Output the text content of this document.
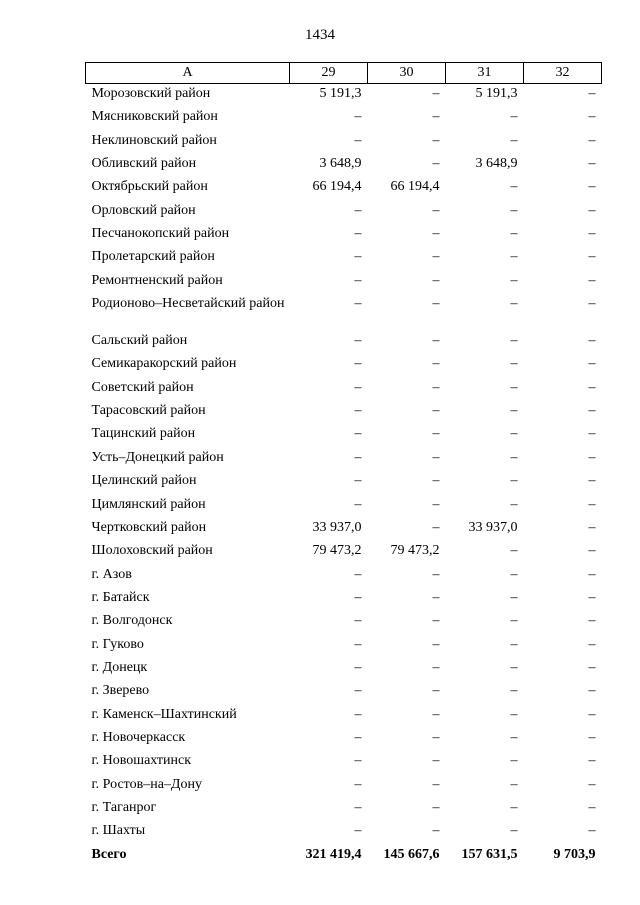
1434
А	29	30	31	32
Морозовский район	5 191,3	–	5 191,3	–
Мясниковский район	–	–	–	–
Неклиновский район	–	–	–	–
Обливский район	3 648,9	–	3 648,9	–
Октябрьский район	66 194,4	66 194,4	–	–
Орловский район	–	–	–	–
Песчанокопский район	–	–	–	–
Пролетарский район	–	–	–	–
Ремонтненский район	–	–	–	–
Родионово–Несветайский район	–	–	–	–
Сальский район	–	–	–	–
Семикаракорский район	–	–	–	–
Советский район	–	–	–	–
Тарасовский район	–	–	–	–
Тацинский район	–	–	–	–
Усть–Донецкий район	–	–	–	–
Целинский район	–	–	–	–
Цимлянский район	–	–	–	–
Чертковский район	33 937,0	–	33 937,0	–
Шолоховский район	79 473,2	79 473,2	–	–
г. Азов	–	–	–	–
г. Батайск	–	–	–	–
г. Волгодонск	–	–	–	–
г. Гуково	–	–	–	–
г. Донецк	–	–	–	–
г. Зверево	–	–	–	–
г. Каменск–Шахтинский	–	–	–	–
г. Новочеркасск	–	–	–	–
г. Новошахтинск	–	–	–	–
г. Ростов–на–Дону	–	–	–	–
г. Таганрог	–	–	–	–
г. Шахты	–	–	–	–
Всего	321 419,4	145 667,6	157 631,5	9 703,9
